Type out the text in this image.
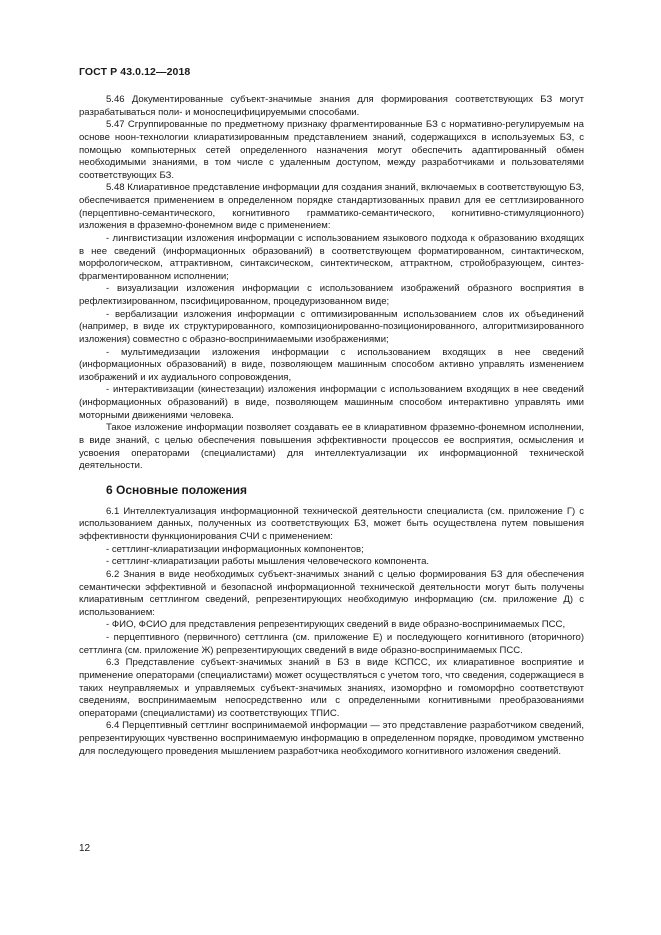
ГОСТ Р 43.0.12—2018

5.46 Документированные субъект-значимые знания для формирования соответствующих БЗ могут разрабатываться поли- и моноспецифицируемыми способами.

5.47 Сгруппированные по предметному признаку фрагментированные БЗ с нормативно-регулируемым на основе ноон-технологии клиаратизированным представлением знаний, содержащихся в используемых БЗ, с помощью компьютерных сетей определенного назначения могут обеспечить адаптированный обмен необходимыми знаниями, в том числе с удаленным доступом, между разработчиками и пользователями соответствующих БЗ.

5.48 Клиаративное представление информации для создания знаний, включаемых в соответствующую БЗ, обеспечивается применением в определенном порядке стандартизованных правил для ее сеттлизированного (перцептивно-семантического, когнитивного грамматико-семантического, когнитивно-стимуляционного) изложения в фраземно-фонемном виде с применением:

- лингвистизации изложения информации с использованием языкового подхода к образованию входящих в нее сведений (информационных образований) в соответствующем форматированном, синтактическом, морфологическом, аттрактивном, синтаксическом, синтектическом, аттрактном, стройобразующем, синтез-фрагментированном исполнении;

- визуализации изложения информации с использованием изображений образного восприятия в рефлектизированном, пэсифицированном, процедуризованном виде;

- вербализации изложения информации с оптимизированным использованием слов их объединений (например, в виде их структурированного, композиционированно-позиционированного, алгоритмизированного изложения) совместно с образно-воспринимаемыми изображениями;

- мультимедизации изложения информации с использованием входящих в нее сведений (информационных образований) в виде, позволяющем машинным способом активно управлять изменением изображений и их аудиального сопровождения,

- интерактивизации (кинестезации) изложения информации с использованием входящих в нее сведений (информационных образований) в виде, позволяющем машинным способом интерактивно управлять ими моторными движениями человека.

Такое изложение информации позволяет создавать ее в клиаративном фраземно-фонемном исполнении, в виде знаний, с целью обеспечения повышения эффективности процессов ее восприятия, осмысления и усвоения операторами (специалистами) для интеллектуализации их информационной технической деятельности.

6 Основные положения

6.1 Интеллектуализация информационной технической деятельности специалиста (см. приложение Г) с использованием данных, полученных из соответствующих БЗ, может быть осуществлена путем повышения эффективности функционирования СЧИ с применением:

- сеттлинг-клиаратизации информационных компонентов;

- сеттлинг-клиаратизации работы мышления человеческого компонента.

6.2 Знания в виде необходимых субъект-значимых знаний с целью формирования БЗ для обеспечения семантически эффективной и безопасной информационной технической деятельности могут быть получены клиаративным сеттлингом сведений, репрезентирующих необходимую информацию (см. приложение Д) с использованием:

- ФИО, ФСИО для представления репрезентирующих сведений в виде образно-воспринимаемых ПСС,

- перцептивного (первичного) сеттлинга (см. приложение Е) и последующего когнитивного (вторичного) сеттлинга (см. приложение Ж) репрезентирующих сведений в виде образно-воспринимаемых ПСС.

6.3 Представление субъект-значимых знаний в БЗ в виде КСПСС, их клиаративное восприятие и применение операторами (специалистами) может осуществляться с учетом того, что сведения, содержащиеся в таких неуправляемых и управляемых субъект-значимых знаниях, изоморфно и гомоморфно соответствуют сведениям, воспринимаемым непосредственно или с определенными когнитивными преобразованиями операторами (специалистами) из соответствующих ТПИС.

6.4 Перцептивный сеттлинг воспринимаемой информации — это представление разработчиком сведений, репрезентирующих чувственно воспринимаемую информацию в определенном порядке, проводимом умственно для последующего проведения мышлением разработчика необходимого когнитивного изложения сведений.

12
